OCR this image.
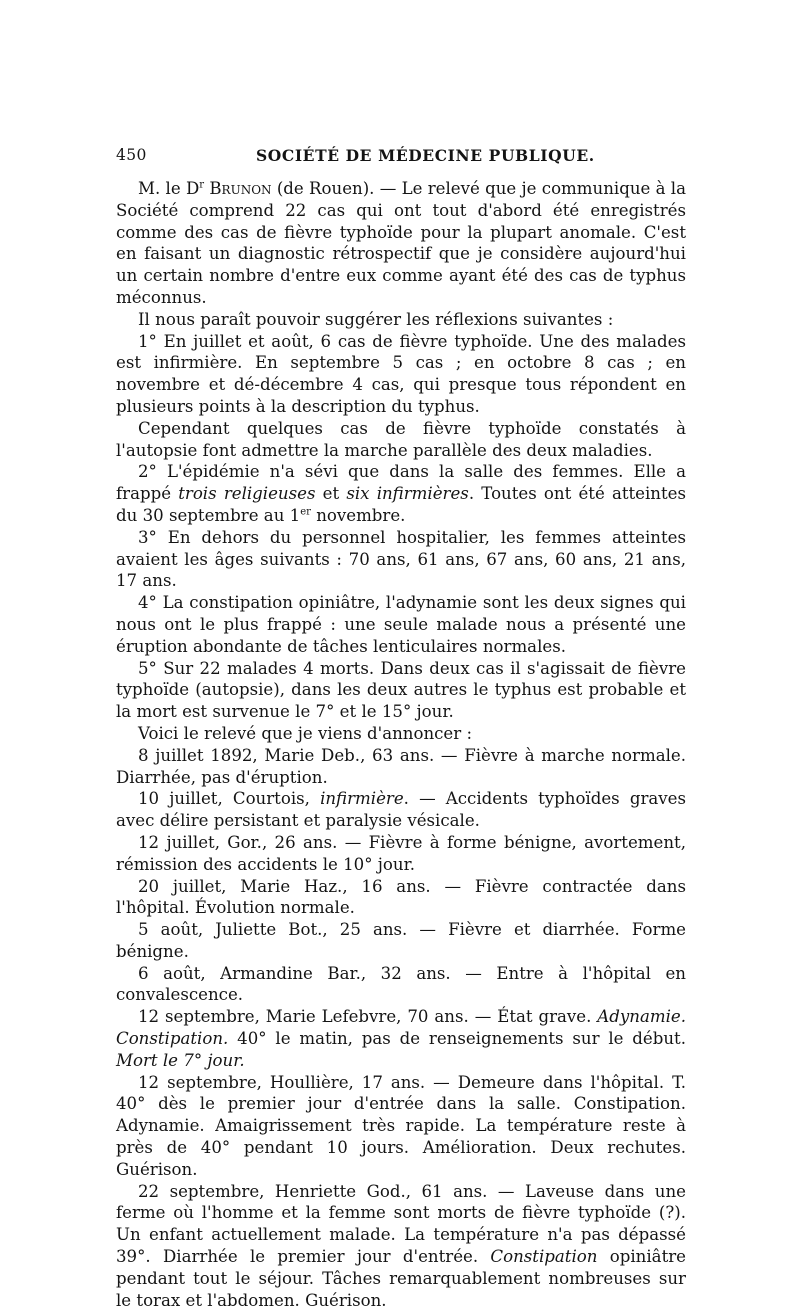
450	SOCIÉTÉ DE MÉDECINE PUBLIQUE.

M. le $D^r$ Brunon (de Rouen). — Le relevé que je communique à la Société comprend 22 cas qui ont tout d'abord été enregistrés comme des cas de fièvre typhoïde pour la plupart anomale. C'est en faisant un diagnostic rétrospectif que je considère aujourd'hui un certain nombre d'entre eux comme ayant été des cas de typhus méconnus.

Il nous paraît pouvoir suggérer les réflexions suivantes :

1° En juillet et août, 6 cas de fièvre typhoïde. Une des malades est infirmière. En septembre 5 cas ; en octobre 8 cas ; en novembre et dé-décembre 4 cas, qui presque tous répondent en plusieurs points à la description du typhus.

Cependant quelques cas de fièvre typhoïde constatés à l'autopsie font admettre la marche parallèle des deux maladies.

2° L'épidémie n'a sévi que dans la salle des femmes. Elle a frappé trois religieuses et six infirmières. Toutes ont été atteintes du 30 septembre au 1er novembre.

3° En dehors du personnel hospitalier, les femmes atteintes avaient les âges suivants : 70 ans, 61 ans, 67 ans, 60 ans, 21 ans, 17 ans.

4° La constipation opiniâtre, l'adynamie sont les deux signes qui nous ont le plus frappé : une seule malade nous a présenté une éruption abondante de tâches lenticulaires normales.

5° Sur 22 malades 4 morts. Dans deux cas il s'agissait de fièvre typhoïde (autopsie), dans les deux autres le typhus est probable et la mort est survenue le 7° et le 15° jour.

Voici le relevé que je viens d'annoncer :

8 juillet 1892, Marie Deb., 63 ans. — Fièvre à marche normale. Diarrhée, pas d'éruption.

10 juillet, Courtois, infirmière. — Accidents typhoïdes graves avec délire persistant et paralysie vésicale.

12 juillet, Gor., 26 ans. — Fièvre à forme bénigne, avortement, rémission des accidents le 10° jour.

20 juillet, Marie Haz., 16 ans. — Fièvre contractée dans l'hôpital. Évolution normale.

5 août, Juliette Bot., 25 ans. — Fièvre et diarrhée. Forme bénigne.

6 août, Armandine Bar., 32 ans. — Entre à l'hôpital en convalescence.

12 septembre, Marie Lefebvre, 70 ans. — État grave. Adynamie. Constipation. 40° le matin, pas de renseignements sur le début. Mort le 7° jour.

12 septembre, Houllière, 17 ans. — Demeure dans l'hôpital. T. 40° dès le premier jour d'entrée dans la salle. Constipation. Adynamie. Amaigrissement très rapide. La température reste à près de 40° pendant 10 jours. Amélioration. Deux rechutes. Guérison.

22 septembre, Henriette God., 61 ans. — Laveuse dans une ferme où l'homme et la femme sont morts de fièvre typhoïde (?). Un enfant actuellement malade. La température n'a pas dépassé 39°. Diarrhée le premier jour d'entrée. Constipation opiniâtre pendant tout le séjour. Tâches remarquablement nombreuses sur le torax et l'abdomen. Guérison.
